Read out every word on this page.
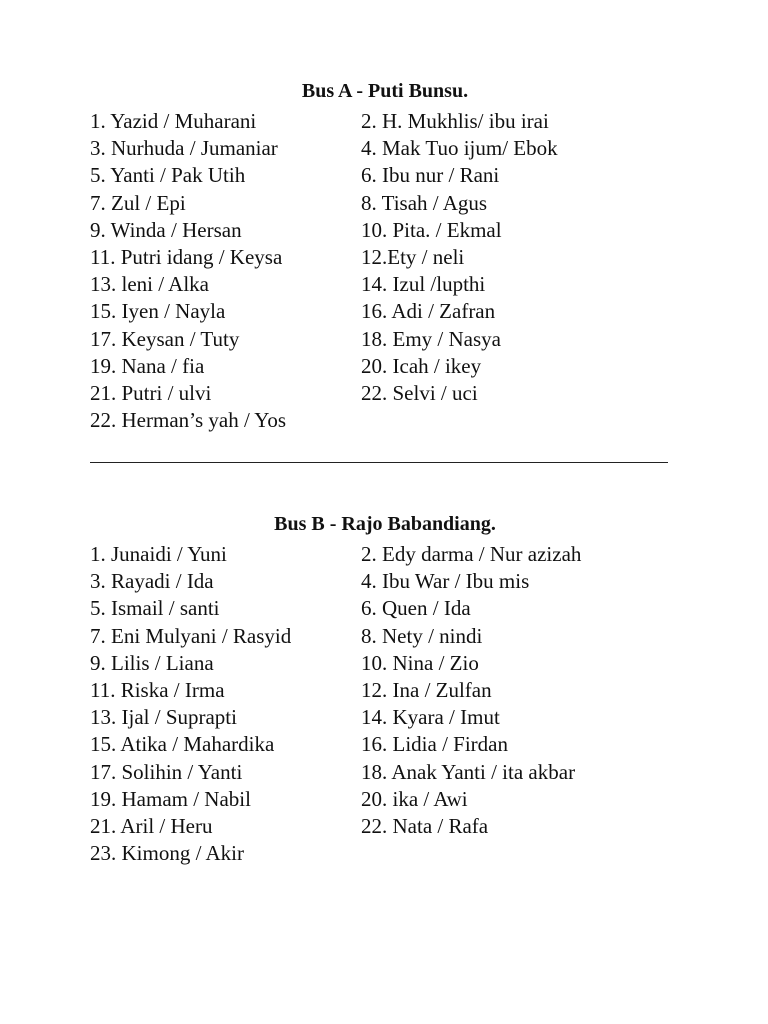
Bus A - Puti Bunsu.
1. Yazid / Muharani	2. H. Mukhlis/ ibu irai
3. Nurhuda / Jumaniar	4. Mak Tuo ijum/ Ebok
5. Yanti / Pak Utih	6. Ibu nur / Rani
7. Zul / Epi	8. Tisah / Agus
9. Winda / Hersan	10. Pita. / Ekmal
11. Putri idang / Keysa	12.Ety / neli
13. leni / Alka	14. Izul /lupthi
15. Iyen / Nayla	16. Adi / Zafran
17. Keysan / Tuty	18. Emy / Nasya
19. Nana / fia	20. Icah / ikey
21. Putri / ulvi	22. Selvi / uci
22. Herman’s yah / Yos
Bus B - Rajo Babandiang.
1. Junaidi / Yuni	2. Edy darma / Nur azizah
3. Rayadi / Ida	4. Ibu War / Ibu mis
5. Ismail / santi	6. Quen / Ida
7. Eni Mulyani / Rasyid	8. Nety / nindi
9. Lilis / Liana	10. Nina / Zio
11. Riska / Irma	12. Ina / Zulfan
13. Ijal / Suprapti	14. Kyara / Imut
15. Atika / Mahardika	16. Lidia / Firdan
17. Solihin / Yanti	18. Anak Yanti / ita akbar
19. Hamam / Nabil	20. ika / Awi
21. Aril / Heru	22. Nata / Rafa
23. Kimong / Akir
